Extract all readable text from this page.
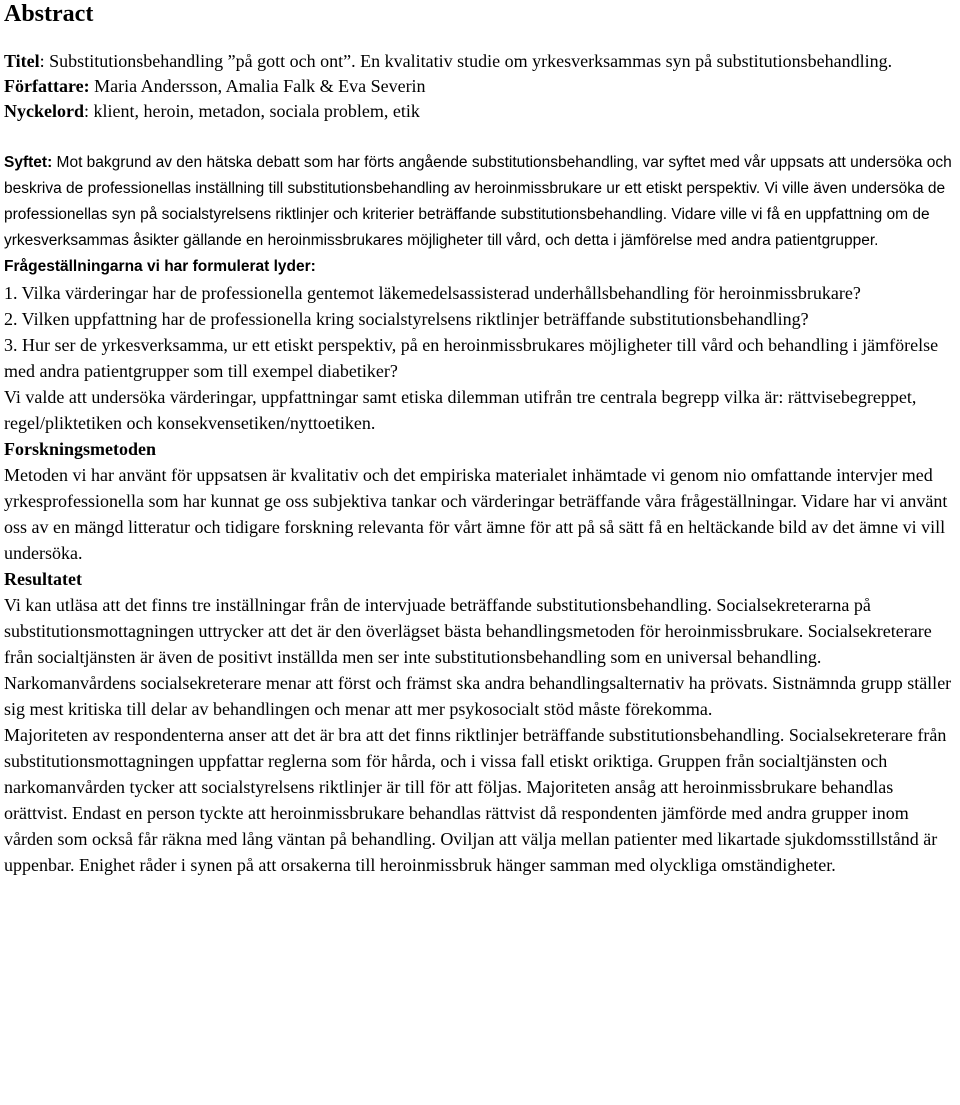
Abstract

Titel: Substitutionsbehandling ”på gott och ont”. En kvalitativ studie om yrkesverksammas syn på substitutionsbehandling.

Författare: Maria Andersson, Amalia Falk & Eva Severin

Nyckelord: klient, heroin, metadon, sociala problem, etik

Syftet: Mot bakgrund av den hätska debatt som har förts angående substitutionsbehandling, var syftet med vår uppsats att undersöka och beskriva de professionellas inställning till substitutionsbehandling av heroinmissbrukare ur ett etiskt perspektiv. Vi ville även undersöka de professionellas syn på socialstyrelsens riktlinjer och kriterier beträffande substitutionsbehandling. Vidare ville vi få en uppfattning om de yrkesverksammas åsikter gällande en heroinmissbrukares möjligheter till vård, och detta i jämförelse med andra patientgrupper.

Frågeställningarna vi har formulerat lyder:

1. Vilka värderingar har de professionella gentemot läkemedelsassisterad underhållsbehandling för heroinmissbrukare?

2. Vilken uppfattning har de professionella kring socialstyrelsens riktlinjer beträffande substitutionsbehandling?

3. Hur ser de yrkesverksamma, ur ett etiskt perspektiv, på en heroinmissbrukares möjligheter till vård och behandling i jämförelse med andra patientgrupper som till exempel diabetiker?

Vi valde att undersöka värderingar, uppfattningar samt etiska dilemman utifrån tre centrala begrepp vilka är: rättvisebegreppet, regel/pliktetiken och konsekvensetiken/nyttoetiken.

Forskningsmetoden

Metoden vi har använt för uppsatsen är kvalitativ och det empiriska materialet inhämtade vi genom nio omfattande intervjer med yrkesprofessionella som har kunnat ge oss subjektiva tankar och värderingar beträffande våra frågeställningar. Vidare har vi använt oss av en mängd litteratur och tidigare forskning relevanta för vårt ämne för att på så sätt få en heltäckande bild av det ämne vi vill undersöka.

Resultatet

Vi kan utläsa att det finns tre inställningar från de intervjuade beträffande substitutionsbehandling. Socialsekreterarna på substitutionsmottagningen uttrycker att det är den överlägset bästa behandlingsmetoden för heroinmissbrukare. Socialsekreterare från socialtjänsten är även de positivt inställda men ser inte substitutionsbehandling som en universal behandling. Narkomanvårdens socialsekreterare menar att först och främst ska andra behandlingsalternativ ha prövats. Sistnämnda grupp ställer sig mest kritiska till delar av behandlingen och menar att mer psykosocialt stöd måste förekomma.

Majoriteten av respondenterna anser att det är bra att det finns riktlinjer beträffande substitutionsbehandling. Socialsekreterare från substitutionsmottagningen uppfattar reglerna som för hårda, och i vissa fall etiskt oriktiga. Gruppen från socialtjänsten och narkomanvården tycker att socialstyrelsens riktlinjer är till för att följas. Majoriteten ansåg att heroinmissbrukare behandlas orättvist. Endast en person tyckte att heroinmissbrukare behandlas rättvist då respondenten jämförde med andra grupper inom vården som också får räkna med lång väntan på behandling. Oviljan att välja mellan patienter med likartade sjukdomsstillstånd är uppenbar. Enighet råder i synen på att orsakerna till heroinmissbruk hänger samman med olyckliga omständigheter.
